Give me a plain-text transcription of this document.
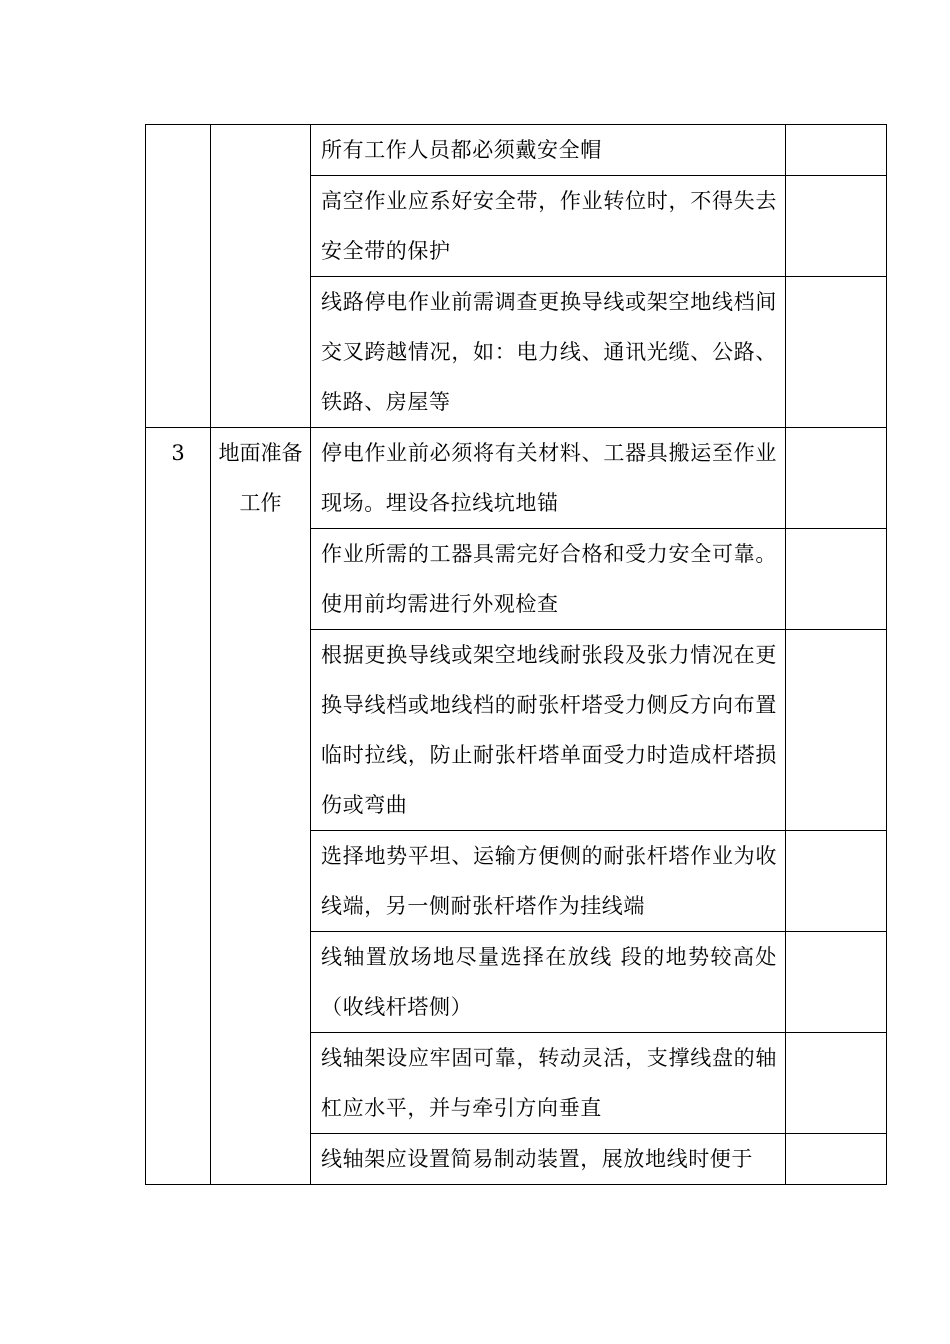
		所有工作人员都必须戴安全帽	
		高空作业应系好安全带，作业转位时，不得失去安全带的保护	
		线路停电作业前需调查更换导线或架空地线档间交叉跨越情况，如：电力线、通讯光缆、公路、铁路、房屋等	
3	地面准备工作	停电作业前必须将有关材料、工器具搬运至作业现场。埋设各拉线坑地锚	
		作业所需的工器具需完好合格和受力安全可靠。使用前均需进行外观检查	
		根据更换导线或架空地线耐张段及张力情况在更换导线档或地线档的耐张杆塔受力侧反方向布置临时拉线，防止耐张杆塔单面受力时造成杆塔损伤或弯曲	
		选择地势平坦、运输方便侧的耐张杆塔作业为收线端，另一侧耐张杆塔作为挂线端	
		线轴置放场地尽量选择在放线 段的地势较高处（收线杆塔侧）	
		线轴架设应牢固可靠，转动灵活，支撑线盘的轴杠应水平，并与牵引方向垂直	
		线轴架应设置简易制动装置，展放地线时便于	
